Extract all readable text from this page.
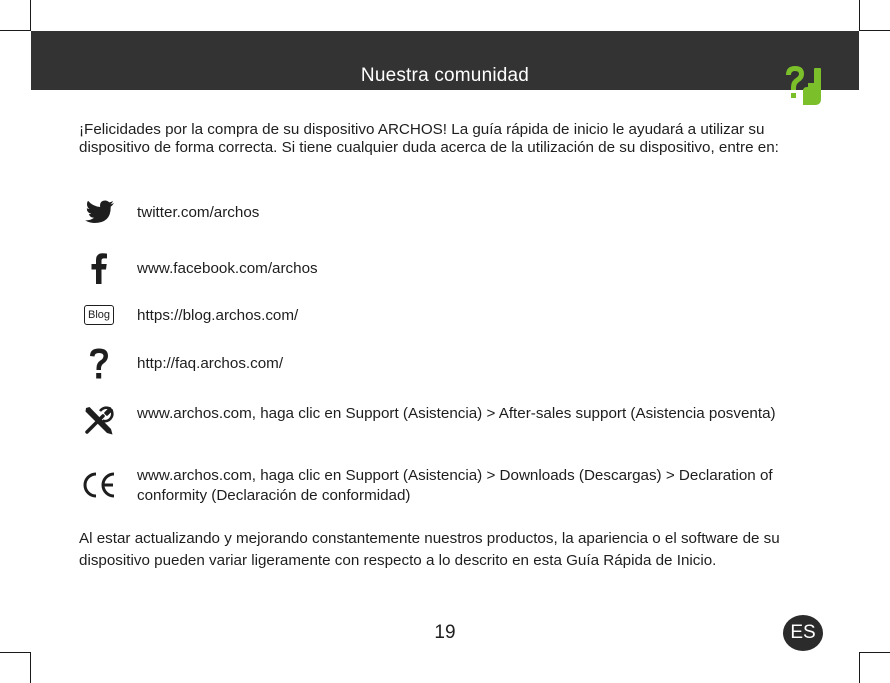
Nuestra comunidad

¡Felicidades por la compra de su dispositivo ARCHOS! La guía rápida de inicio le ayudará a utilizar su dispositivo de forma correcta. Si tiene cualquier duda acerca de la utilización de su dispositivo, entre en:

twitter.com/archos

www.facebook.com/archos

Blog https://blog.archos.com/

http://faq.archos.com/

www.archos.com, haga clic en Support (Asistencia) > After-sales support (Asistencia posventa)

www.archos.com, haga clic en Support (Asistencia) > Downloads (Descargas) > Declaration of conformity (Declaración de conformidad)

Al estar actualizando y mejorando constantemente nuestros productos, la apariencia o el software de su dispositivo pueden variar ligeramente con respecto a lo descrito en esta Guía Rápida de Inicio.

19	ES
